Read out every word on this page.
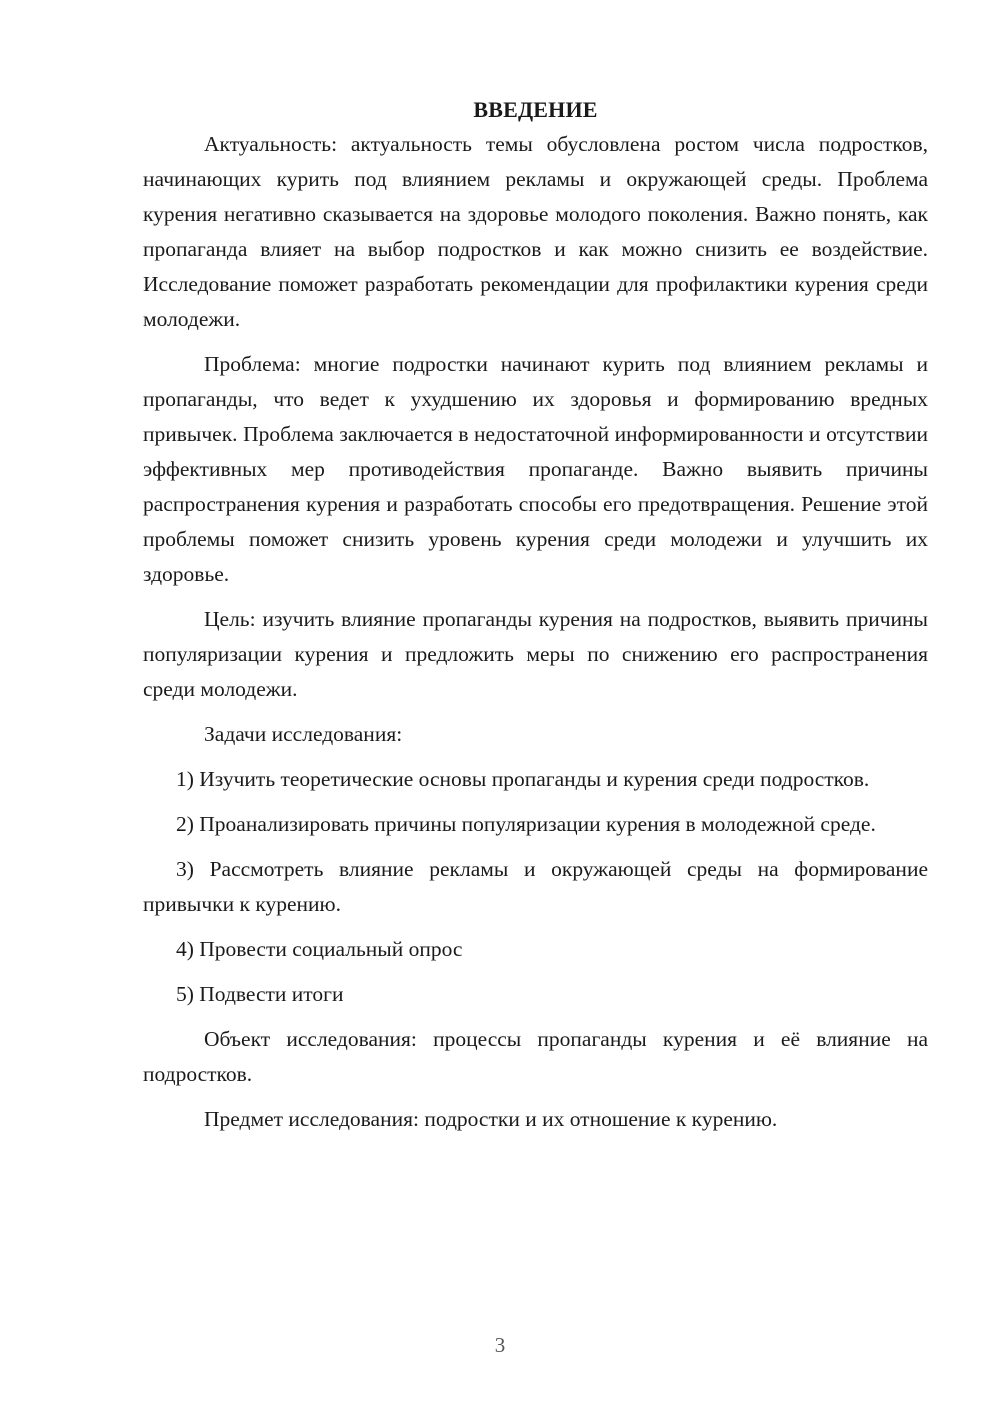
ВВЕДЕНИЕ

Актуальность: актуальность темы обусловлена ростом числа подростков, начинающих курить под влиянием рекламы и окружающей среды. Проблема курения негативно сказывается на здоровье молодого поколения. Важно понять, как пропаганда влияет на выбор подростков и как можно снизить ее воздействие. Исследование поможет разработать рекомендации для профилактики курения среди молодежи.

Проблема: многие подростки начинают курить под влиянием рекламы и пропаганды, что ведет к ухудшению их здоровья и формированию вредных привычек. Проблема заключается в недостаточной информированности и отсутствии эффективных мер противодействия пропаганде. Важно выявить причины распространения курения и разработать способы его предотвращения. Решение этой проблемы поможет снизить уровень курения среди молодежи и улучшить их здоровье.

Цель: изучить влияние пропаганды курения на подростков, выявить причины популяризации курения и предложить меры по снижению его распространения среди молодежи.

Задачи исследования:

1) Изучить теоретические основы пропаганды и курения среди подростков.

2) Проанализировать причины популяризации курения в молодежной среде.

3) Рассмотреть влияние рекламы и окружающей среды на формирование привычки к курению.

4) Провести социальный опрос

5) Подвести итоги

Объект исследования: процессы пропаганды курения и её влияние на подростков.

Предмет исследования: подростки и их отношение к курению.

3
